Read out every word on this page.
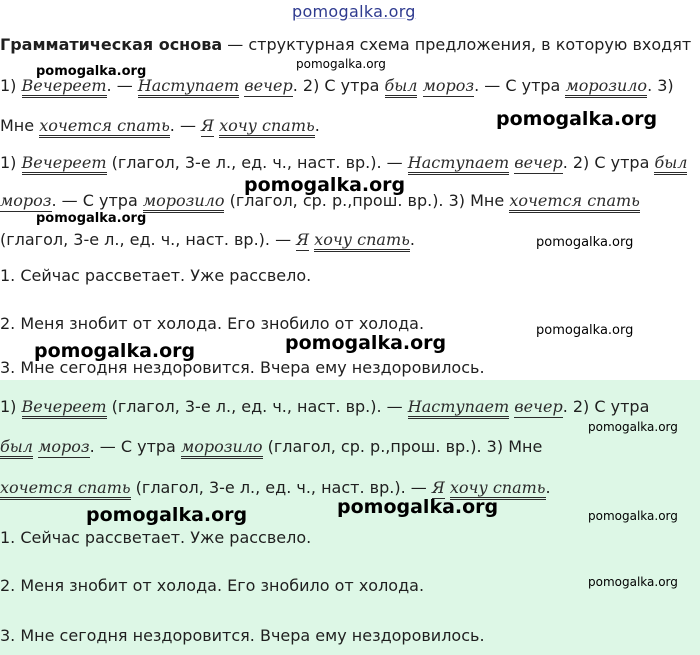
pomogalka.org
Грамматическая основа — структурная схема предложения, в которую входят
1) Вечереет. — Наступает вечер. 2) С утра был мороз. — С утра морозило. 3)
Мне хочется спать. — Я хочу спать.
1) Вечереет (глагол, 3-е л., ед. ч., наст. вр.). — Наступает вечер. 2) С утра был
мороз. — С утра морозило (глагол, ср. р.,прош. вр.). 3) Мне хочется спать
(глагол, 3-е л., ед. ч., наст. вр.). — Я хочу спать.
1. Сейчас рассветает. Уже рассвело.
2. Меня знобит от холода. Его знобило от холода.
3. Мне сегодня нездоровится. Вчера ему нездоровилось.
1) Вечереет (глагол, 3-е л., ед. ч., наст. вр.). — Наступает вечер. 2) С утра
был мороз. — С утра морозило (глагол, ср. р.,прош. вр.). 3) Мне
хочется спать (глагол, 3-е л., ед. ч., наст. вр.). — Я хочу спать.
1. Сейчас рассветает. Уже рассвело.
2. Меня знобит от холода. Его знобило от холода.
3. Мне сегодня нездоровится. Вчера ему нездоровилось.
pomogalka.org	pomogalka.org
pomogalka.org
pomogalka.org
pomogalka.org
pomogalka.org
pomogalka.org
pomogalka.org	pomogalka.org
pomogalka.org
pomogalka.org	pomogalka.org	pomogalka.org
pomogalka.org
